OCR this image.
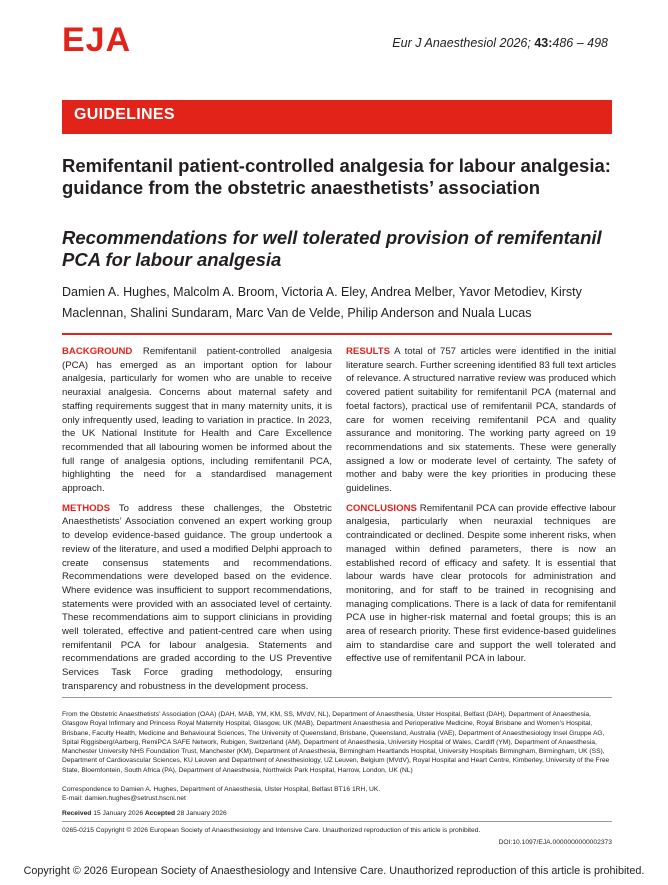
EJA	Eur J Anaesthesiol 2026; 43:486 – 498
GUIDELINES
Remifentanil patient-controlled analgesia for labour analgesia: guidance from the obstetric anaesthetists’ association
Recommendations for well tolerated provision of remifentanil PCA for labour analgesia

Damien A. Hughes, Malcolm A. Broom, Victoria A. Eley, Andrea Melber, Yavor Metodiev, Kirsty Maclennan, Shalini Sundaram, Marc Van de Velde, Philip Anderson and Nuala Lucas

BACKGROUND Remifentanil patient-controlled analgesia (PCA) has emerged as an important option for labour analgesia, particularly for women who are unable to receive neuraxial analgesia. Concerns about maternal safety and staffing requirements suggest that in many maternity units, it is only infrequently used, leading to variation in practice. In 2023, the UK National Institute for Health and Care Excellence recommended that all labouring women be informed about the full range of analgesia options, including remifentanil PCA, highlighting the need for a standardised management approach.

METHODS To address these challenges, the Obstetric Anaesthetists’ Association convened an expert working group to develop evidence-based guidance. The group undertook a review of the literature, and used a modified Delphi approach to create consensus statements and recommendations. Recommendations were developed based on the evidence. Where evidence was insufficient to support recommendations, statements were provided with an associated level of certainty. These recommendations aim to support clinicians in providing well tolerated, effective and patient-centred care when using remifentanil PCA for labour analgesia. Statements and recommendations are graded according to the US Preventive Services Task Force grading methodology, ensuring transparency and robustness in the development process.

RESULTS A total of 757 articles were identified in the initial literature search. Further screening identified 83 full text articles of relevance. A structured narrative review was produced which covered patient suitability for remifentanil PCA (maternal and foetal factors), practical use of remifentanil PCA, standards of care for women receiving remifentanil PCA and quality assurance and monitoring. The working party agreed on 19 recommendations and six statements. These were generally assigned a low or moderate level of certainty. The safety of mother and baby were the key priorities in producing these guidelines.

CONCLUSIONS Remifentanil PCA can provide effective labour analgesia, particularly when neuraxial techniques are contraindicated or declined. Despite some inherent risks, when managed within defined parameters, there is now an established record of efficacy and safety. It is essential that labour wards have clear protocols for administration and monitoring, and for staff to be trained in recognising and managing complications. There is a lack of data for remifentanil PCA use in higher-risk maternal and foetal groups; this is an area of research priority. These first evidence-based guidelines aim to standardise care and support the well tolerated and effective use of remifentanil PCA in labour.

From the Obstetric Anaesthetists’ Association (OAA) (DAH, MAB, YM, KM, SS, MVdV, NL), Department of Anaesthesia, Ulster Hospital, Belfast (DAH), Department of Anaesthesia, Glasgow Royal Infirmary and Princess Royal Maternity Hospital, Glasgow, UK (MAB), Department Anaesthesia and Perioperative Medicine, Royal Brisbane and Women’s Hospital, Brisbane, Faculty Health, Medicine and Behavioural Sciences, The University of Queensland, Brisbane, Queensland, Australia (VAE), Department of Anaesthesiology Insel Gruppe AG, Spital Riggisberg/Aarberg, RemiPCA SAFE Network, Rubigen, Switzerland (AM), Department of Anaesthesia, University Hospital of Wales, Cardiff (YM), Department of Anaesthesia, Manchester University NHS Foundation Trust, Manchester (KM), Department of Anaesthesia, Birmingham Heartlands Hospital, University Hospitals Birmingham, Birmingham, UK (SS), Department of Cardiovascular Sciences, KU Leuven and Department of Anesthesiology, UZ Leuven, Belgium (MVdV), Royal Hospital and Heart Centre, Kimberley, University of the Free State, Bloemfontein, South Africa (PA), Department of Anaesthesia, Northwick Park Hospital, Harrow, London, UK (NL)

Correspondence to Damien A. Hughes, Department of Anaesthesia, Ulster Hospital, Belfast BT16 1RH, UK.
E-mail: damien.hughes@setrust.hscni.net

Received 15 January 2026 Accepted 28 January 2026

0265-0215 Copyright © 2026 European Society of Anaesthesiology and Intensive Care. Unauthorized reproduction of this article is prohibited.

DOI:10.1097/EJA.0000000000002373

Copyright © 2026 European Society of Anaesthesiology and Intensive Care. Unauthorized reproduction of this article is prohibited.
